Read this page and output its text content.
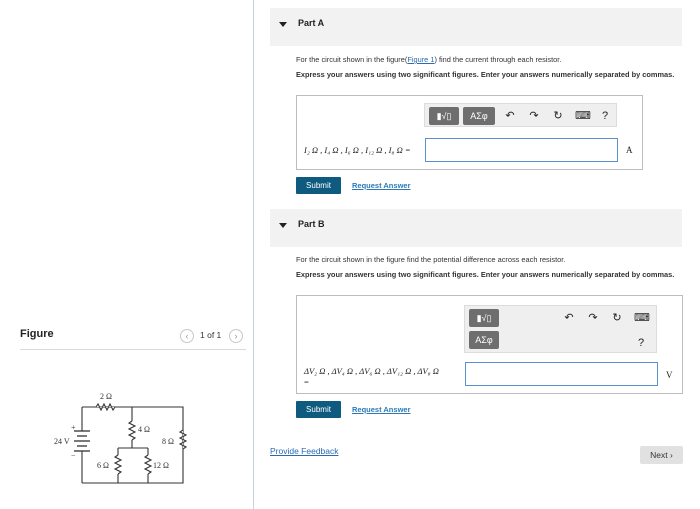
Figure	‹	1 of 1	›
2 Ω
4 Ω
8 Ω
6 Ω	12 Ω
24 V
+
−
Part A
For the circuit shown in the figure(Figure 1) find the current through each resistor.
Express your answers using two significant figures. Enter your answers numerically separated by commas.
▮√▯	ΑΣφ	↶ ↷ ↻ ⌨	?
I₂ Ω , I₄ Ω , I₆ Ω , I₁₂ Ω , I₈ Ω =	A
Submit	Request Answer
Part B
For the circuit shown in the figure find the potential difference across each resistor.
Express your answers using two significant figures. Enter your answers numerically separated by commas.
▮√▯
ΑΣφ
↶ ↷ ↻ ⌨
?
ΔV₂ Ω , ΔV₄ Ω , ΔV₆ Ω , ΔV₁₂ Ω , ΔV₈ Ω
=
V
Submit	Request Answer
Provide Feedback	Next ›
